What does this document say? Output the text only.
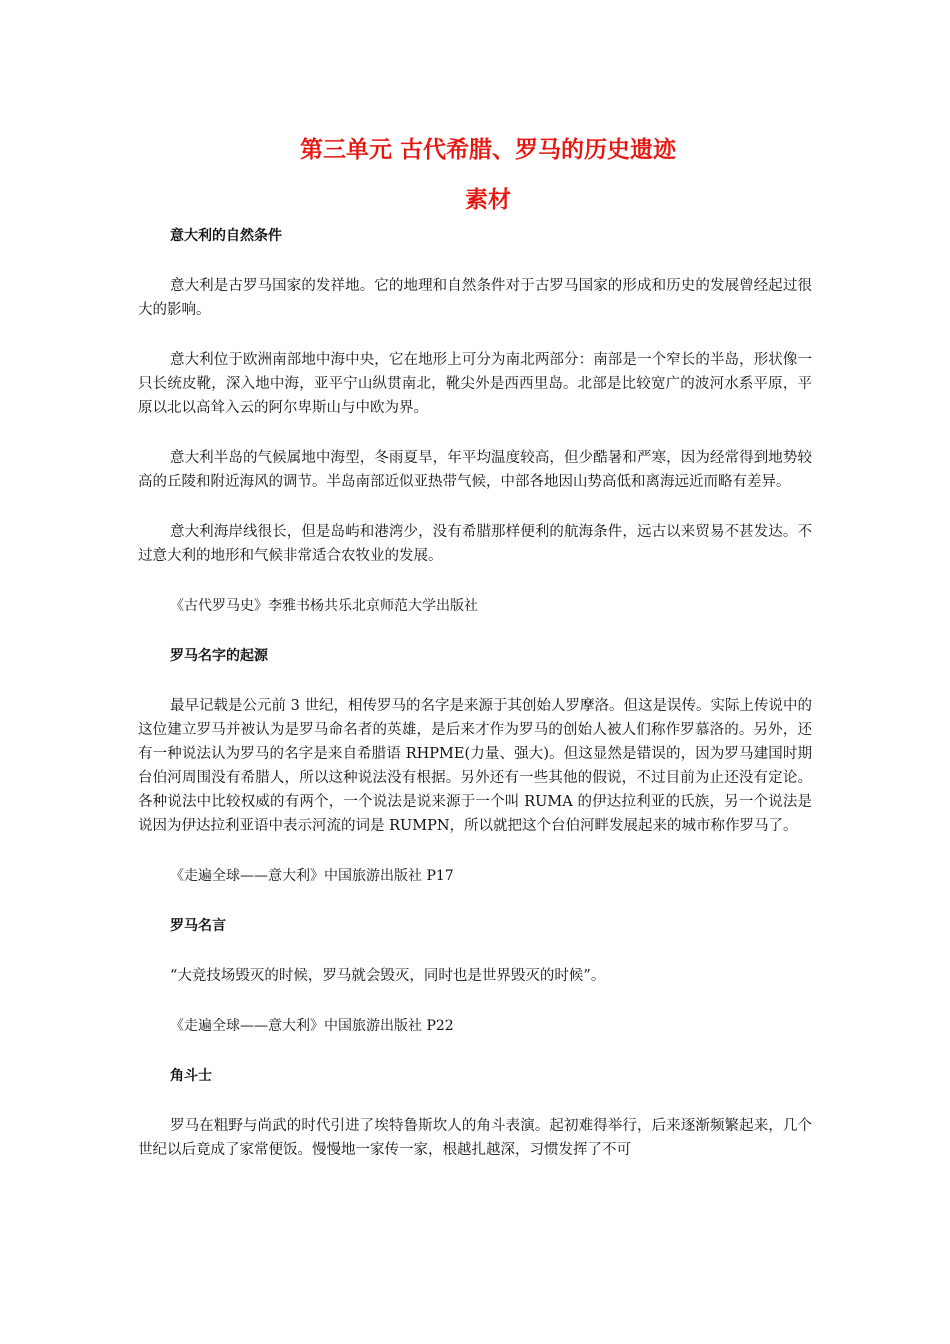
第三单元 古代希腊、罗马的历史遗迹
素材
意大利的自然条件

意大利是古罗马国家的发祥地。它的地理和自然条件对于古罗马国家的形成和历史的发展曾经起过很大的影响。

意大利位于欧洲南部地中海中央，它在地形上可分为南北两部分：南部是一个窄长的半岛，形状像一只长统皮靴，深入地中海，亚平宁山纵贯南北，靴尖外是西西里岛。北部是比较宽广的波河水系平原，平原以北以高耸入云的阿尔卑斯山与中欧为界。

意大利半岛的气候属地中海型，冬雨夏旱，年平均温度较高，但少酷暑和严寒，因为经常得到地势较高的丘陵和附近海风的调节。半岛南部近似亚热带气候，中部各地因山势高低和离海远近而略有差异。

意大利海岸线很长，但是岛屿和港湾少，没有希腊那样便利的航海条件，远古以来贸易不甚发达。不过意大利的地形和气候非常适合农牧业的发展。

《古代罗马史》李雅书杨共乐北京师范大学出版社

罗马名字的起源

最早记载是公元前 3 世纪，相传罗马的名字是来源于其创始人罗摩洛。但这是误传。实际上传说中的这位建立罗马并被认为是罗马命名者的英雄，是后来才作为罗马的创始人被人们称作罗慕洛的。另外，还有一种说法认为罗马的名字是来自希腊语 RHPME(力量、强大)。但这显然是错误的，因为罗马建国时期台伯河周围没有希腊人，所以这种说法没有根据。另外还有一些其他的假说，不过目前为止还没有定论。各种说法中比较权威的有两个，一个说法是说来源于一个叫 RUMA 的伊达拉利亚的氏族，另一个说法是说因为伊达拉利亚语中表示河流的词是 RUMPN，所以就把这个台伯河畔发展起来的城市称作罗马了。

《走遍全球——意大利》中国旅游出版社 P17

罗马名言

“大竞技场毁灭的时候，罗马就会毁灭，同时也是世界毁灭的时候”。

《走遍全球——意大利》中国旅游出版社 P22

角斗士

罗马在粗野与尚武的时代引进了埃特鲁斯坎人的角斗表演。起初难得举行，后来逐渐频繁起来，几个世纪以后竟成了家常便饭。慢慢地一家传一家，根越扎越深，习惯发挥了不可
